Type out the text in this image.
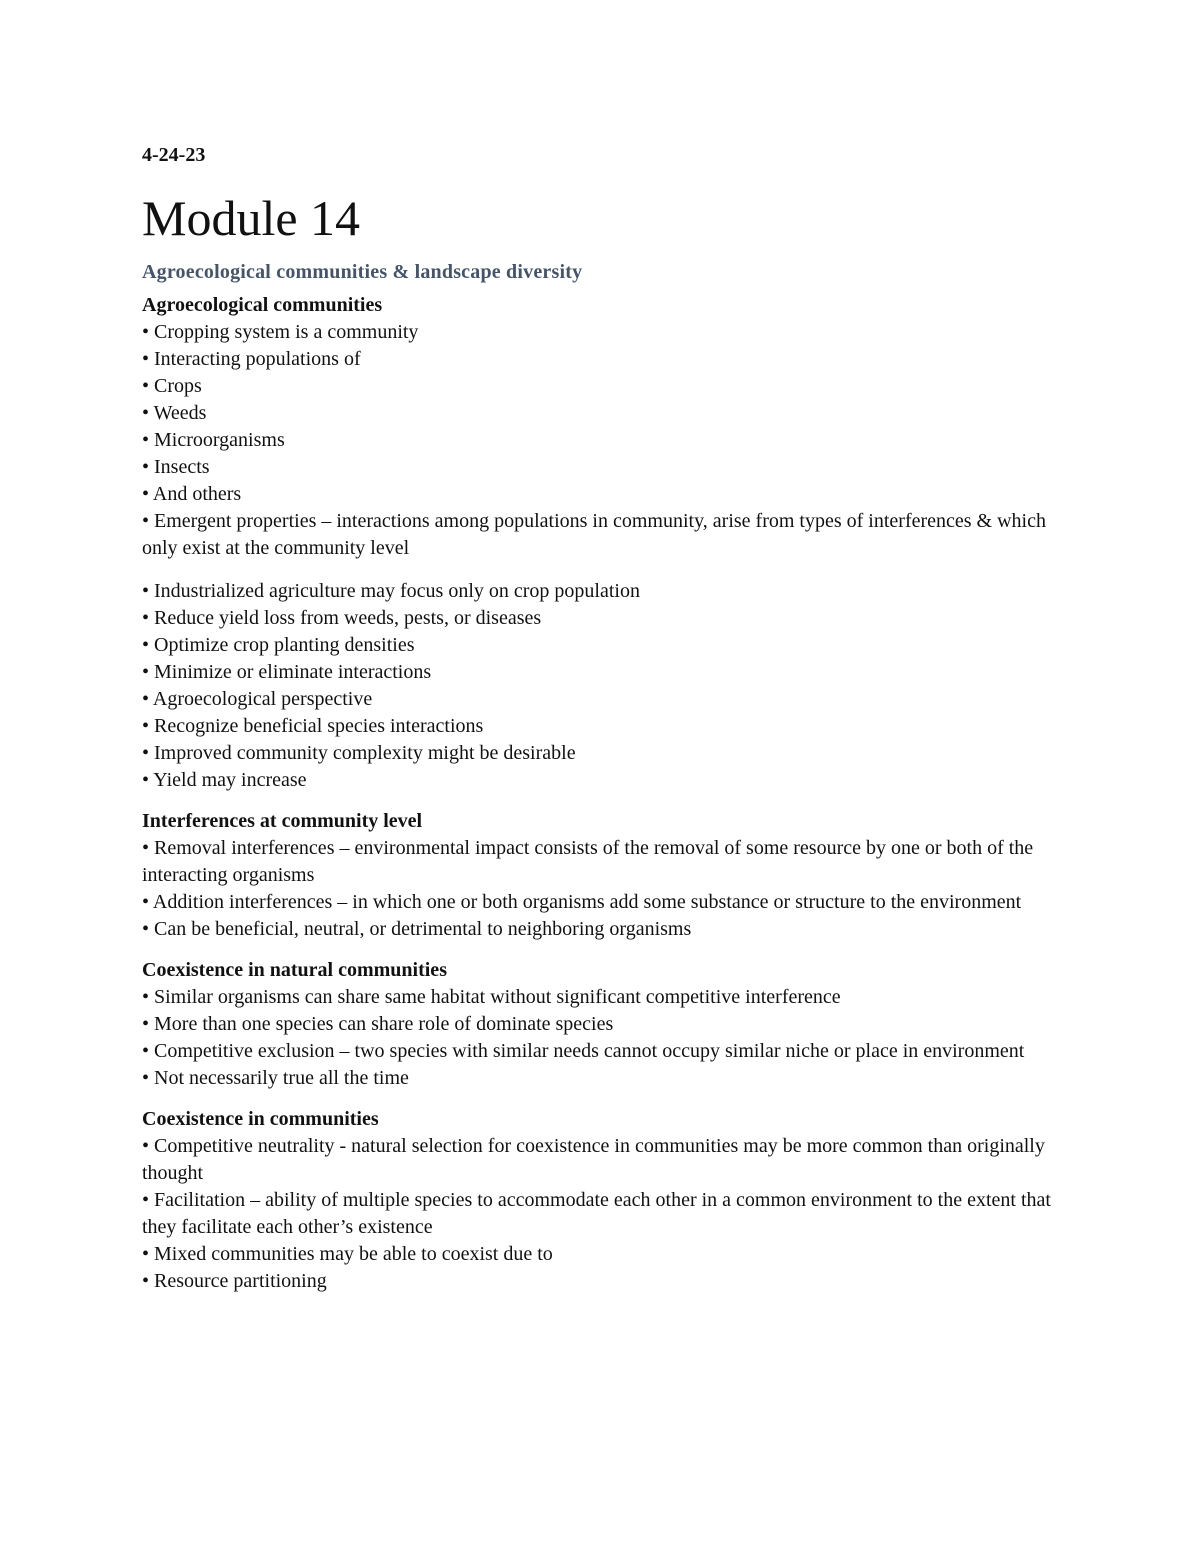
4-24-23

Module 14

Agroecological communities & landscape diversity

Agroecological communities

• Cropping system is a community

• Interacting populations of

• Crops

• Weeds

• Microorganisms

• Insects

• And others

• Emergent properties – interactions among populations in community, arise from types of interferences & which only exist at the community level

• Industrialized agriculture may focus only on crop population

• Reduce yield loss from weeds, pests, or diseases

• Optimize crop planting densities

• Minimize or eliminate interactions

• Agroecological perspective

• Recognize beneficial species interactions

• Improved community complexity might be desirable

• Yield may increase

Interferences at community level

• Removal interferences – environmental impact consists of the removal of some resource by one or both of the interacting organisms

• Addition interferences – in which one or both organisms add some substance or structure to the environment

• Can be beneficial, neutral, or detrimental to neighboring organisms

Coexistence in natural communities

• Similar organisms can share same habitat without significant competitive interference

• More than one species can share role of dominate species

• Competitive exclusion – two species with similar needs cannot occupy similar niche or place in environment

• Not necessarily true all the time

Coexistence in communities

• Competitive neutrality - natural selection for coexistence in communities may be more common than originally thought

• Facilitation – ability of multiple species to accommodate each other in a common environment to the extent that they facilitate each other’s existence

• Mixed communities may be able to coexist due to

• Resource partitioning
